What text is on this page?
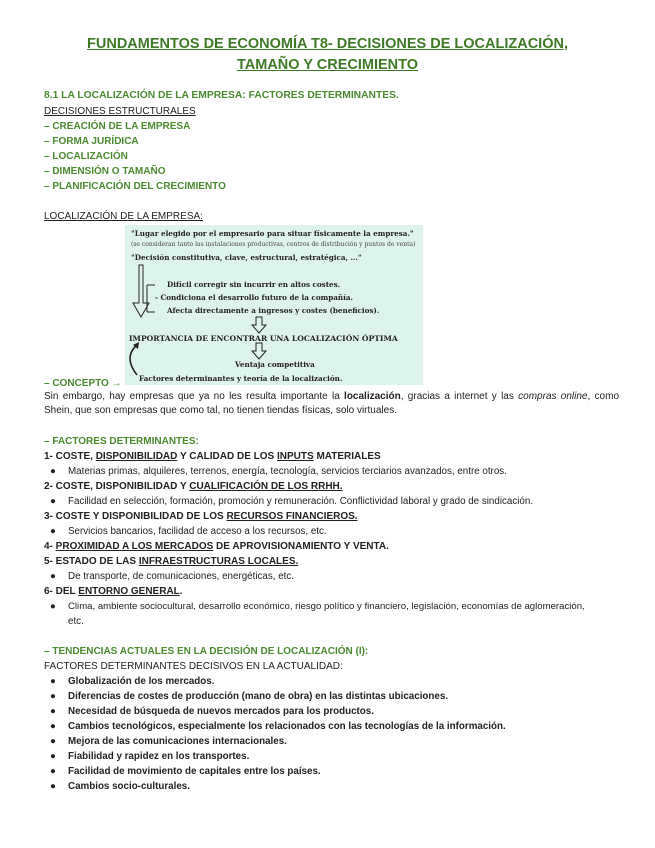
FUNDAMENTOS DE ECONOMÍA T8- DECISIONES DE LOCALIZACIÓN,
TAMAÑO Y CRECIMIENTO
8.1 LA LOCALIZACIÓN DE LA EMPRESA: FACTORES DETERMINANTES.
DECISIONES ESTRUCTURALES
– CREACIÓN DE LA EMPRESA
– FORMA JURÍDICA
– LOCALIZACIÓN
– DIMENSIÓN O TAMAÑO
– PLANIFICACIÓN DEL CRECIMIENTO
LOCALIZACIÓN DE LA EMPRESA:
"Lugar elegido por el empresario para situar físicamente la empresa."
(se consideran tanto las instalaciones productivas, centros de distribución y puntos de venta)
"Decisión constitutiva, clave, estructural, estratégica, ..."
Difícil corregir sin incurrir en altos costes.
- Condiciona el desarrollo futuro de la compañía.
Afecta directamente a ingresos y costes (beneficios).
IMPORTANCIA DE ENCONTRAR UNA LOCALIZACIÓN ÓPTIMA
Ventaja competitiva
Factores determinantes y teoría de la localización.
– CONCEPTO →
Sin embargo, hay empresas que ya no les resulta importante la localización, gracias a internet y las compras online, como Shein, que son empresas que como tal, no tienen tiendas físicas, solo virtuales.
– FACTORES DETERMINANTES:
1- COSTE, DISPONIBILIDAD Y CALIDAD DE LOS INPUTS MATERIALES
● Materias primas, alquileres, terrenos, energía, tecnología, servicios terciarios avanzados, entre otros.
2- COSTE, DISPONIBILIDAD Y CUALIFICACIÓN DE LOS RRHH.
● Facilidad en selección, formación, promoción y remuneración. Conflictividad laboral y grado de sindicación.
3- COSTE Y DISPONIBILIDAD DE LOS RECURSOS FINANCIEROS.
● Servicios bancarios, facilidad de acceso a los recursos, etc.
4- PROXIMIDAD A LOS MERCADOS DE APROVISIONAMIENTO Y VENTA.
5- ESTADO DE LAS INFRAESTRUCTURAS LOCALES.
● De transporte, de comunicaciones, energéticas, etc.
6- DEL ENTORNO GENERAL.
● Clima, ambiente sociocultural, desarrollo económico, riesgo político y financiero, legislación, economías de aglomeración,
etc.
– TENDENCIAS ACTUALES EN LA DECISIÓN DE LOCALIZACIÓN (I):
FACTORES DETERMINANTES DECISIVOS EN LA ACTUALIDAD:
● Globalización de los mercados.
● Diferencias de costes de producción (mano de obra) en las distintas ubicaciones.
● Necesidad de búsqueda de nuevos mercados para los productos.
● Cambios tecnológicos, especialmente los relacionados con las tecnologías de la información.
● Mejora de las comunicaciones internacionales.
● Fiabilidad y rapidez en los transportes.
● Facilidad de movimiento de capitales entre los países.
● Cambios socio-culturales.
